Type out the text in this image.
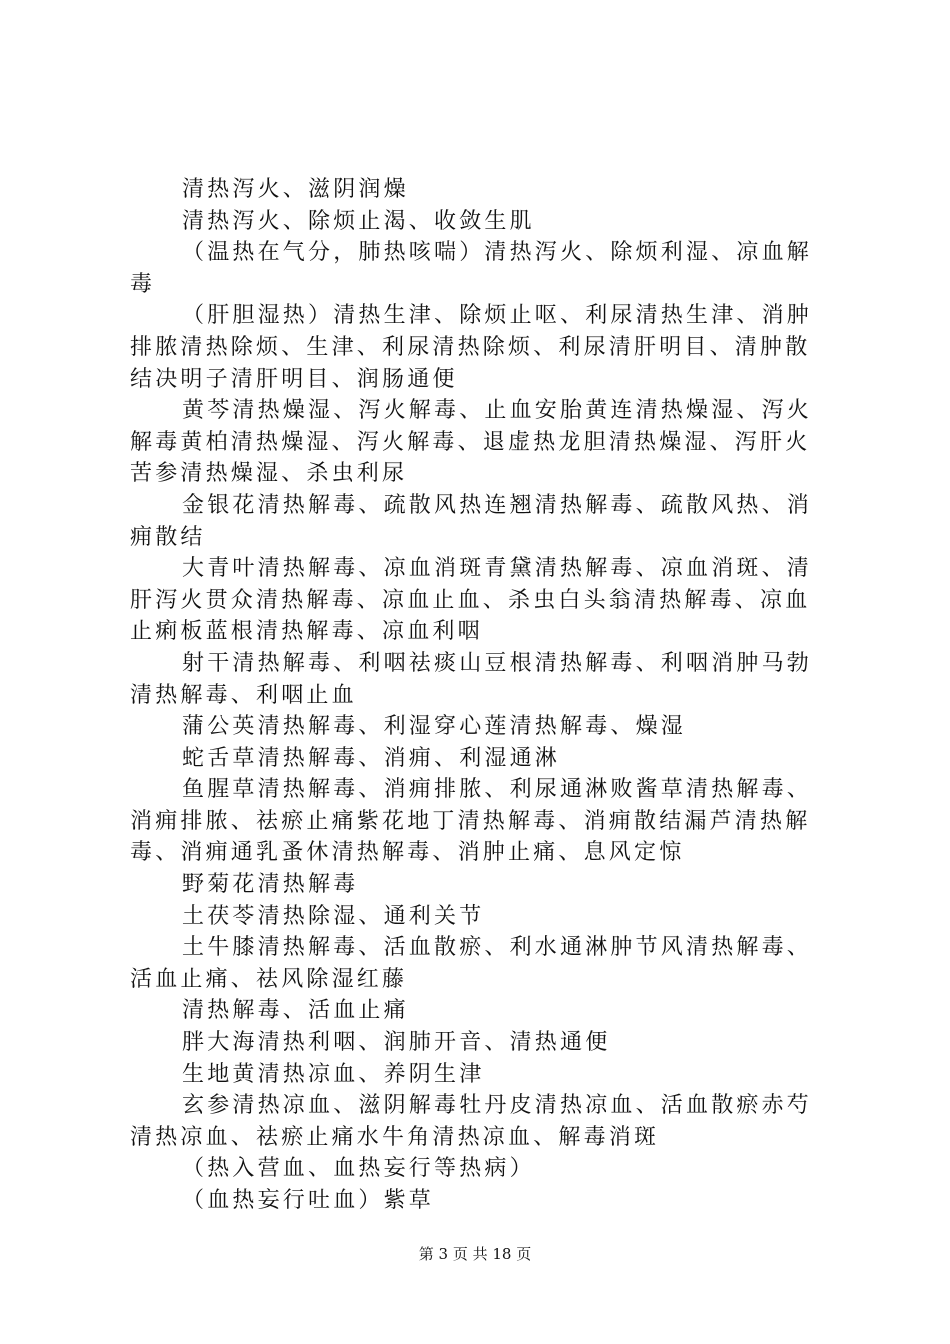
清热泻火、滋阴润燥

清热泻火、除烦止渴、收敛生肌

（温热在气分，肺热咳喘）清热泻火、除烦利湿、凉血解毒

（肝胆湿热）清热生津、除烦止呕、利尿清热生津、消肿排脓清热除烦、生津、利尿清热除烦、利尿清肝明目、清肿散结决明子清肝明目、润肠通便

黄芩清热燥湿、泻火解毒、止血安胎黄连清热燥湿、泻火解毒黄柏清热燥湿、泻火解毒、退虚热龙胆清热燥湿、泻肝火苦参清热燥湿、杀虫利尿

金银花清热解毒、疏散风热连翘清热解毒、疏散风热、消痈散结

大青叶清热解毒、凉血消斑青黛清热解毒、凉血消斑、清肝泻火贯众清热解毒、凉血止血、杀虫白头翁清热解毒、凉血止痢板蓝根清热解毒、凉血利咽

射干清热解毒、利咽祛痰山豆根清热解毒、利咽消肿马勃清热解毒、利咽止血

蒲公英清热解毒、利湿穿心莲清热解毒、燥湿

蛇舌草清热解毒、消痈、利湿通淋

鱼腥草清热解毒、消痈排脓、利尿通淋败酱草清热解毒、消痈排脓、祛瘀止痛紫花地丁清热解毒、消痈散结漏芦清热解毒、消痈通乳蚤休清热解毒、消肿止痛、息风定惊

野菊花清热解毒

土茯苓清热除湿、通利关节

土牛膝清热解毒、活血散瘀、利水通淋肿节风清热解毒、活血止痛、祛风除湿红藤

清热解毒、活血止痛

胖大海清热利咽、润肺开音、清热通便

生地黄清热凉血、养阴生津

玄参清热凉血、滋阴解毒牡丹皮清热凉血、活血散瘀赤芍清热凉血、祛瘀止痛水牛角清热凉血、解毒消斑

（热入营血、血热妄行等热病）

（血热妄行吐血）紫草

第 3 页 共 18 页
